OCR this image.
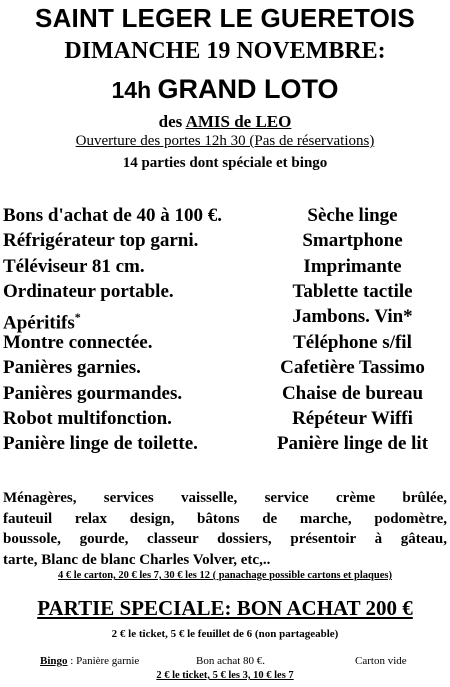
SAINT LEGER LE GUERETOIS
DIMANCHE 19 NOVEMBRE:
14h GRAND LOTO
des AMIS de LEO
Ouverture des portes 12h 30 (Pas de réservations)
14 parties dont spéciale et bingo
Bons d'achat de 40 à 100 €.
Réfrigérateur top garni.
Téléviseur 81 cm.
Ordinateur portable.
Apéritifs*
Montre connectée.
Panières garnies.
Panières gourmandes.
Robot multifonction.
Panière linge de toilette.
Sèche linge
Smartphone
Imprimante
Tablette tactile
Jambons. Vin*
Téléphone s/fil
Cafetière Tassimo
Chaise de bureau
Répéteur Wiffi
Panière linge de lit
Ménagères, services vaisselle, service crème brûlée,
fauteuil relax design, bâtons de marche, podomètre,
boussole, gourde, classeur dossiers, présentoir à gâteau,
tarte, Blanc de blanc Charles Volver, etc,..
4 € le carton, 20 € les 7, 30 € les 12 ( panachage possible cartons et plaques)
PARTIE SPECIALE: BON ACHAT 200 €
2 € le ticket, 5 € le feuillet de 6 (non partageable)
Bingo : Panière garnie	Bon achat 80 €.	Carton vide
2 € le ticket, 5 € les 3, 10 € les 7
